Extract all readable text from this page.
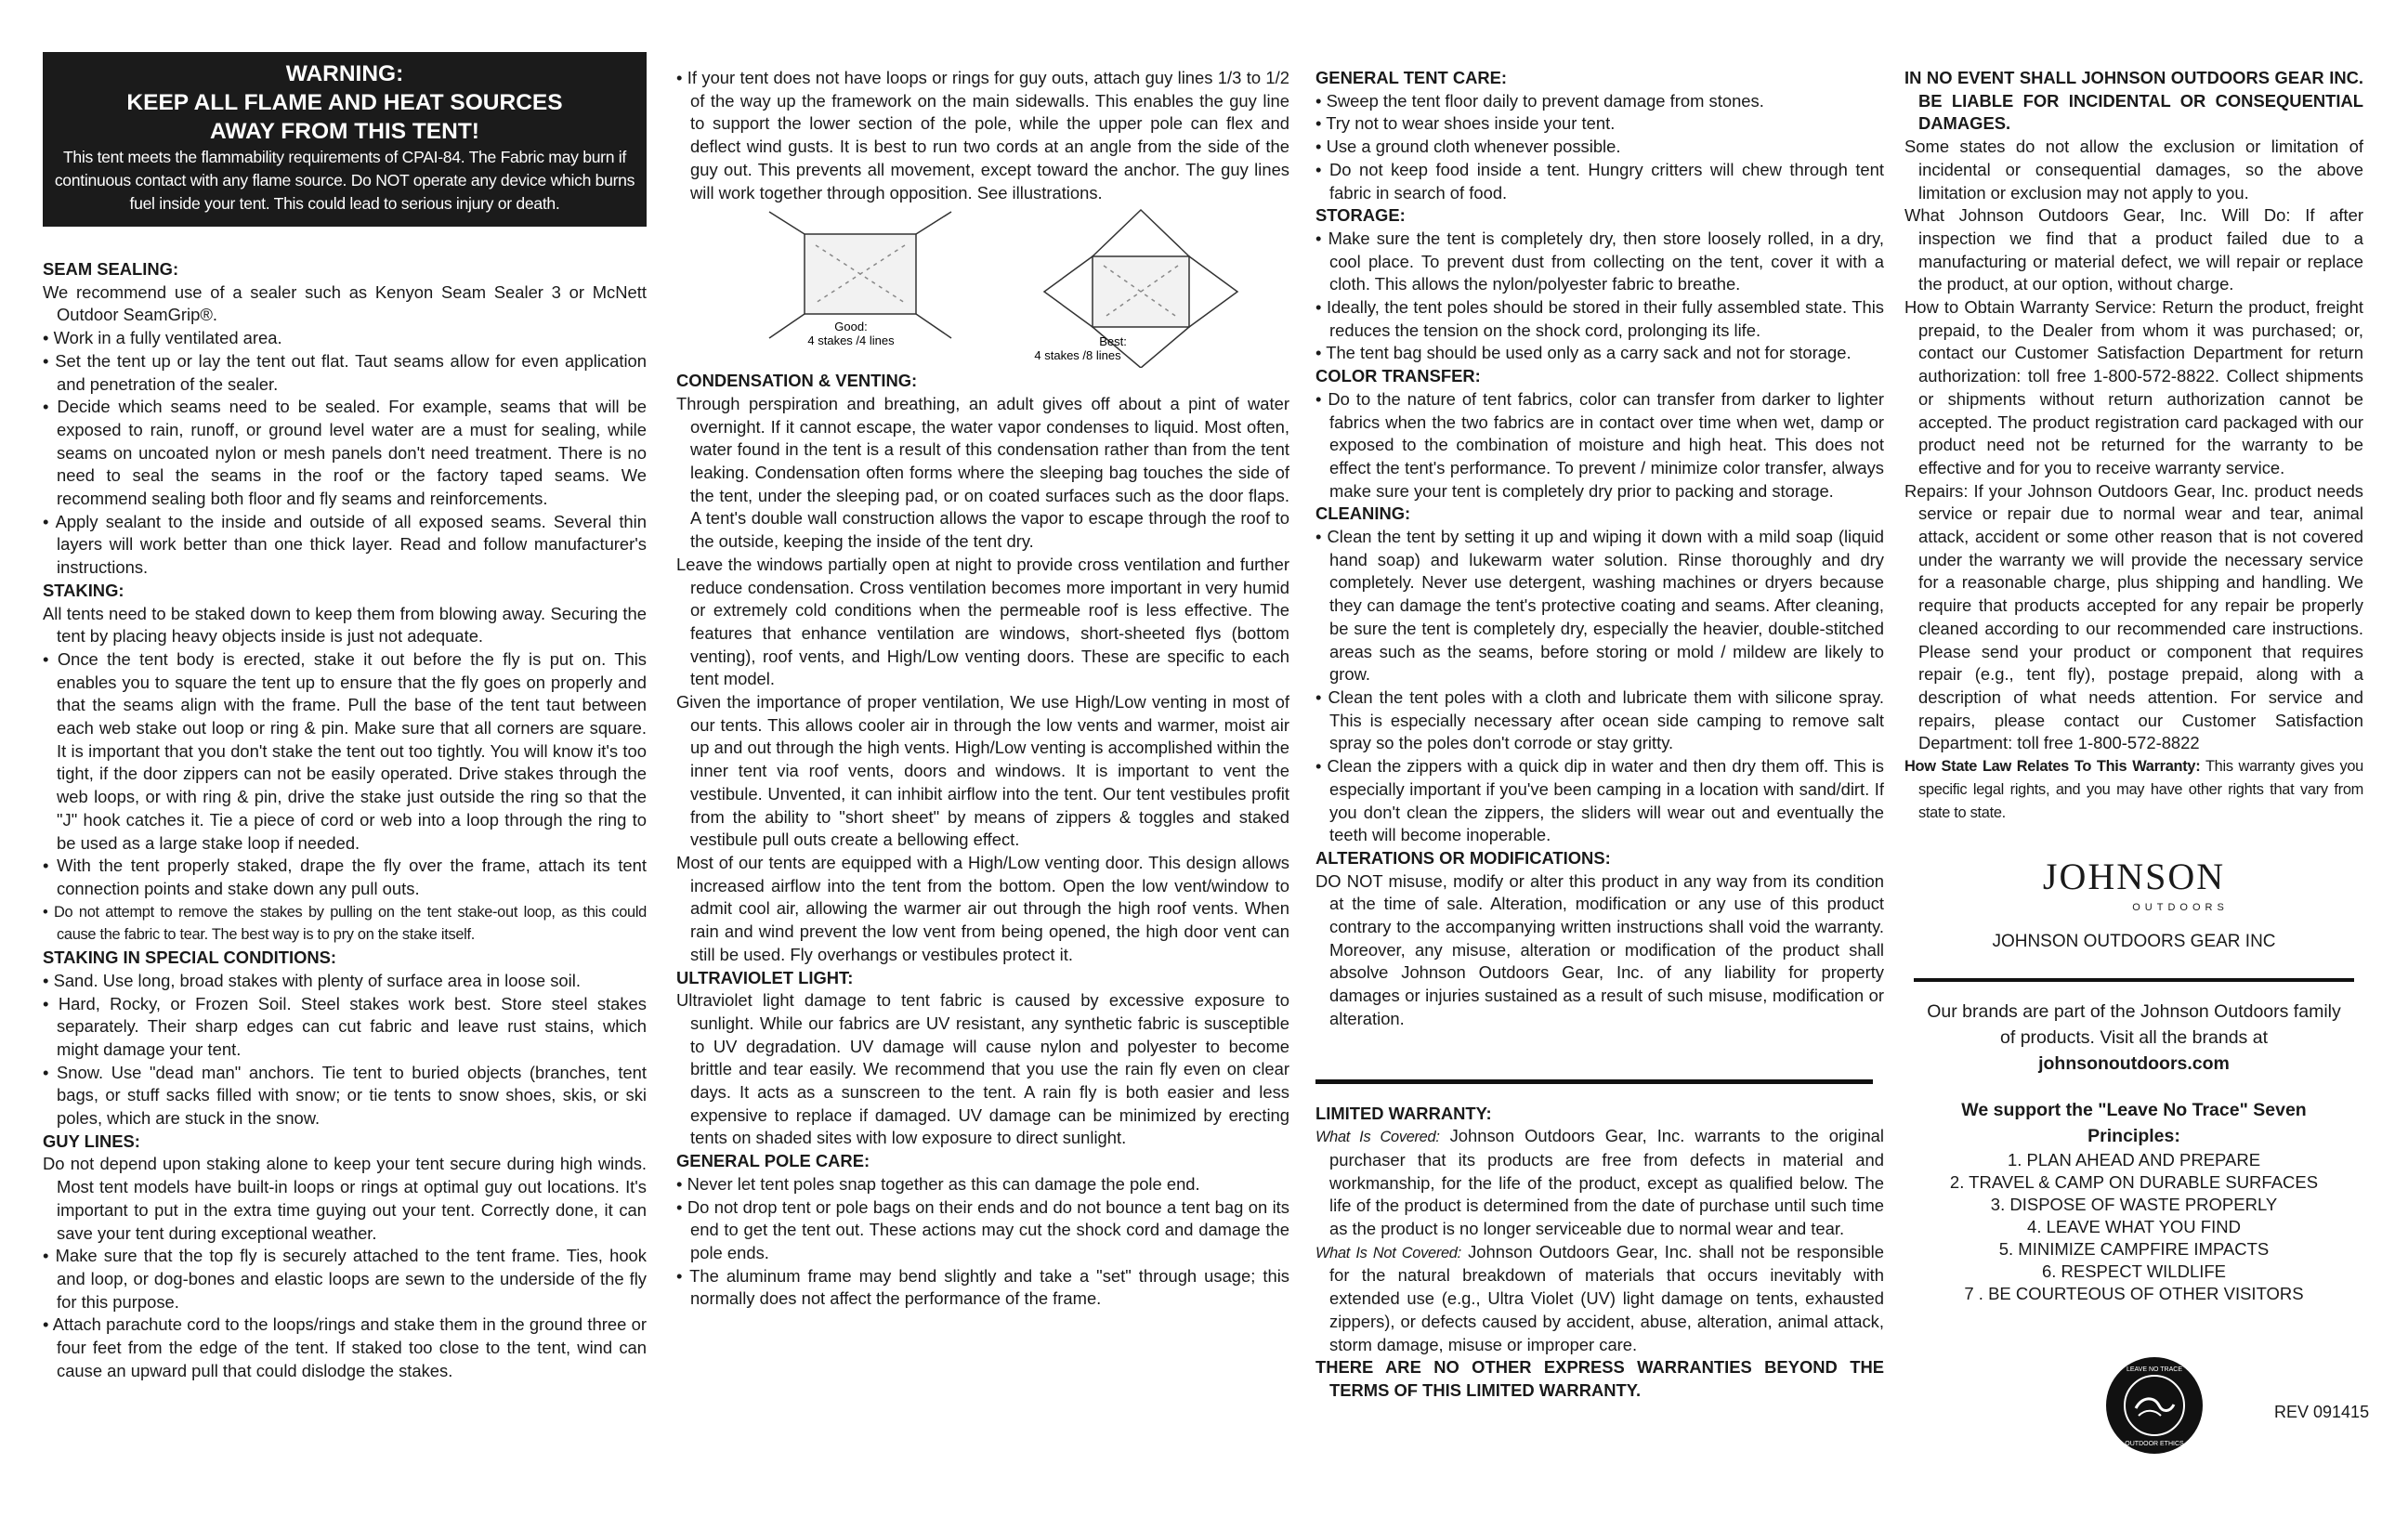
WARNING:
KEEP ALL FLAME AND HEAT SOURCES
AWAY FROM THIS TENT!
This tent meets the flammability requirements of CPAI-84. The Fabric may burn if continuous contact with any flame source. Do NOT operate any device which burns fuel inside your tent. This could lead to serious injury or death.
SEAM SEALING:

We recommend use of a sealer such as Kenyon Seam Sealer 3 or McNett Outdoor SeamGrip®.

• Work in a fully ventilated area.
• Set the tent up or lay the tent out flat. Taut seams allow for even application and penetration of the sealer.
• Decide which seams need to be sealed. For example, seams that will be exposed to rain, runoff, or ground level water are a must for sealing, while seams on uncoated nylon or mesh panels don't need treatment. There is no need to seal the seams in the roof or the factory taped seams. We recommend sealing both floor and fly seams and reinforcements.
• Apply sealant to the inside and outside of all exposed seams. Several thin layers will work better than one thick layer. Read and follow manufacturer's instructions.
STAKING:

All tents need to be staked down to keep them from blowing away. Securing the tent by placing heavy objects inside is just not adequate.

• Once the tent body is erected, stake it out before the fly is put on. This enables you to square the tent up to ensure that the fly goes on properly and that the seams align with the frame. Pull the base of the tent taut between each web stake out loop or ring & pin. Make sure that all corners are square. It is important that you don't stake the tent out too tightly. You will know it's too tight, if the door zippers can not be easily operated. Drive stakes through the web loops, or with ring & pin, drive the stake just outside the ring so that the "J" hook catches it. Tie a piece of cord or web into a loop through the ring to be used as a large stake loop if needed.
• With the tent properly staked, drape the fly over the frame, attach its tent connection points and stake down any pull outs.
• Do not attempt to remove the stakes by pulling on the tent stake-out loop, as this could cause the fabric to tear. The best way is to pry on the stake itself.
STAKING IN SPECIAL CONDITIONS:
• Sand. Use long, broad stakes with plenty of surface area in loose soil.
• Hard, Rocky, or Frozen Soil. Steel stakes work best. Store steel stakes separately. Their sharp edges can cut fabric and leave rust stains, which might damage your tent.
• Snow. Use "dead man" anchors. Tie tent to buried objects (branches, tent bags, or stuff sacks filled with snow; or tie tents to snow shoes, skis, or ski poles, which are stuck in the snow.
GUY LINES:

Do not depend upon staking alone to keep your tent secure during high winds. Most tent models have built-in loops or rings at optimal guy out locations. It's important to put in the extra time guying out your tent. Correctly done, it can save your tent during exceptional weather.

• Make sure that the top fly is securely attached to the tent frame. Ties, hook and loop, or dog-bones and elastic loops are sewn to the underside of the fly for this purpose.
• Attach parachute cord to the loops/rings and stake them in the ground three or four feet from the edge of the tent. If staked too close to the tent, wind can cause an upward pull that could dislodge the stakes.
• If your tent does not have loops or rings for guy outs, attach guy lines 1/3 to 1/2 of the way up the framework on the main sidewalls. This enables the guy line to support the lower section of the pole, while the upper pole can flex and deflect wind gusts. It is best to run two cords at an angle from the side of the guy out. This prevents all movement, except toward the anchor. The guy lines will work together through opposition. See illustrations.
Good:
4 stakes /4 lines	Best:
4 stakes /8 lines
CONDENSATION & VENTING:

Through perspiration and breathing, an adult gives off about a pint of water overnight. If it cannot escape, the water vapor condenses to liquid. Most often, water found in the tent is a result of this condensation rather than from the tent leaking. Condensation often forms where the sleeping bag touches the side of the tent, under the sleeping pad, or on coated surfaces such as the door flaps. A tent's double wall construction allows the vapor to escape through the roof to the outside, keeping the inside of the tent dry.

Leave the windows partially open at night to provide cross ventilation and further reduce condensation. Cross ventilation becomes more important in very humid or extremely cold conditions when the permeable roof is less effective. The features that enhance ventilation are windows, short-sheeted flys (bottom venting), roof vents, and High/Low venting doors. These are specific to each tent model.

Given the importance of proper ventilation, We use High/Low venting in most of our tents. This allows cooler air in through the low vents and warmer, moist air up and out through the high vents. High/Low venting is accomplished within the inner tent via roof vents, doors and windows. It is important to vent the vestibule. Unvented, it can inhibit airflow into the tent. Our tent vestibules profit from the ability to "short sheet" by means of zippers & toggles and staked vestibule pull outs create a bellowing effect.

Most of our tents are equipped with a High/Low venting door. This design allows increased airflow into the tent from the bottom. Open the low vent/window to admit cool air, allowing the warmer air out through the high roof vents. When rain and wind prevent the low vent from being opened, the high door vent can still be used. Fly overhangs or vestibules protect it.

ULTRAVIOLET LIGHT:

Ultraviolet light damage to tent fabric is caused by excessive exposure to sunlight. While our fabrics are UV resistant, any synthetic fabric is susceptible to UV degradation. UV damage will cause nylon and polyester to become brittle and tear easily. We recommend that you use the rain fly even on clear days. It acts as a sunscreen to the tent. A rain fly is both easier and less expensive to replace if damaged. UV damage can be minimized by erecting tents on shaded sites with low exposure to direct sunlight.

GENERAL POLE CARE:
• Never let tent poles snap together as this can damage the pole end.
• Do not drop tent or pole bags on their ends and do not bounce a tent bag on its end to get the tent out. These actions may cut the shock cord and damage the pole ends.
• The aluminum frame may bend slightly and take a "set" through usage; this normally does not affect the performance of the frame.
GENERAL TENT CARE:
• Sweep the tent floor daily to prevent damage from stones.
• Try not to wear shoes inside your tent.
• Use a ground cloth whenever possible.
• Do not keep food inside a tent. Hungry critters will chew through tent fabric in search of food.
STORAGE:
• Make sure the tent is completely dry, then store loosely rolled, in a dry, cool place. To prevent dust from collecting on the tent, cover it with a cloth. This allows the nylon/polyester fabric to breathe.
• Ideally, the tent poles should be stored in their fully assembled state. This reduces the tension on the shock cord, prolonging its life.
• The tent bag should be used only as a carry sack and not for storage.
COLOR TRANSFER:
• Do to the nature of tent fabrics, color can transfer from darker to lighter fabrics when the two fabrics are in contact over time when wet, damp or exposed to the combination of moisture and high heat. This does not effect the tent's performance. To prevent / minimize color transfer, always make sure your tent is completely dry prior to packing and storage.
CLEANING:
• Clean the tent by setting it up and wiping it down with a mild soap (liquid hand soap) and lukewarm water solution. Rinse thoroughly and dry completely. Never use detergent, washing machines or dryers because they can damage the tent's protective coating and seams. After cleaning, be sure the tent is completely dry, especially the heavier, double-stitched areas such as the seams, before storing or mold / mildew are likely to grow.
• Clean the tent poles with a cloth and lubricate them with silicone spray. This is especially necessary after ocean side camping to remove salt spray so the poles don't corrode or stay gritty.
• Clean the zippers with a quick dip in water and then dry them off. This is especially important if you've been camping in a location with sand/dirt. If you don't clean the zippers, the sliders will wear out and eventually the teeth will become inoperable.
ALTERATIONS OR MODIFICATIONS:

DO NOT misuse, modify or alter this product in any way from its condition at the time of sale. Alteration, modification or any use of this product contrary to the accompanying written instructions shall void the warranty. Moreover, any misuse, alteration or modification of the product shall absolve Johnson Outdoors Gear, Inc. of any liability for property damages or injuries sustained as a result of such misuse, modification or alteration.

LIMITED WARRANTY:

What Is Covered: Johnson Outdoors Gear, Inc. warrants to the original purchaser that its products are free from defects in material and workmanship, for the life of the product, except as qualified below. The life of the product is determined from the date of purchase until such time as the product is no longer serviceable due to normal wear and tear.

What Is Not Covered: Johnson Outdoors Gear, Inc. shall not be responsible for the natural breakdown of materials that occurs inevitably with extended use (e.g., Ultra Violet (UV) light damage on tents, exhausted zippers), or defects caused by accident, abuse, alteration, animal attack, storm damage, misuse or improper care.

THERE ARE NO OTHER EXPRESS WARRANTIES BEYOND THE TERMS OF THIS LIMITED WARRANTY.

IN NO EVENT SHALL JOHNSON OUTDOORS GEAR INC. BE LIABLE FOR INCIDENTAL OR CONSEQUENTIAL DAMAGES.

Some states do not allow the exclusion or limitation of incidental or consequential damages, so the above limitation or exclusion may not apply to you.

What Johnson Outdoors Gear, Inc. Will Do: If after inspection we find that a product failed due to a manufacturing or material defect, we will repair or replace the product, at our option, without charge.

How to Obtain Warranty Service: Return the product, freight prepaid, to the Dealer from whom it was purchased; or, contact our Customer Satisfaction Department for return authorization: toll free 1-800-572-8822. Collect shipments or shipments without return authorization cannot be accepted. The product registration card packaged with our product need not be returned for the warranty to be effective and for you to receive warranty service.

Repairs: If your Johnson Outdoors Gear, Inc. product needs service or repair due to normal wear and tear, animal attack, accident or some other reason that is not covered under the warranty we will provide the necessary service for a reasonable charge, plus shipping and handling. We require that products accepted for any repair be properly cleaned according to our recommended care instructions. Please send your product or component that requires repair (e.g., tent fly), postage prepaid, along with a description of what needs attention. For service and repairs, please contact our Customer Satisfaction Department: toll free 1-800-572-8822

How State Law Relates To This Warranty: This warranty gives you specific legal rights, and you may have other rights that vary from state to state.

JOHNSON
OUTDOORS
JOHNSON OUTDOORS GEAR INC
Our brands are part of the Johnson Outdoors family
of products. Visit all the brands at
johnsonoutdoors.com
We support the "Leave No Trace" Seven
Principles:
1. PLAN AHEAD AND PREPARE
2. TRAVEL & CAMP ON DURABLE SURFACES
3. DISPOSE OF WASTE PROPERLY
4. LEAVE WHAT YOU FIND
5. MINIMIZE CAMPFIRE IMPACTS
6. RESPECT WILDLIFE
7 . BE COURTEOUS OF OTHER VISITORS
LEAVE NO TRACE
OUTDOOR ETHICS
REV 091415
